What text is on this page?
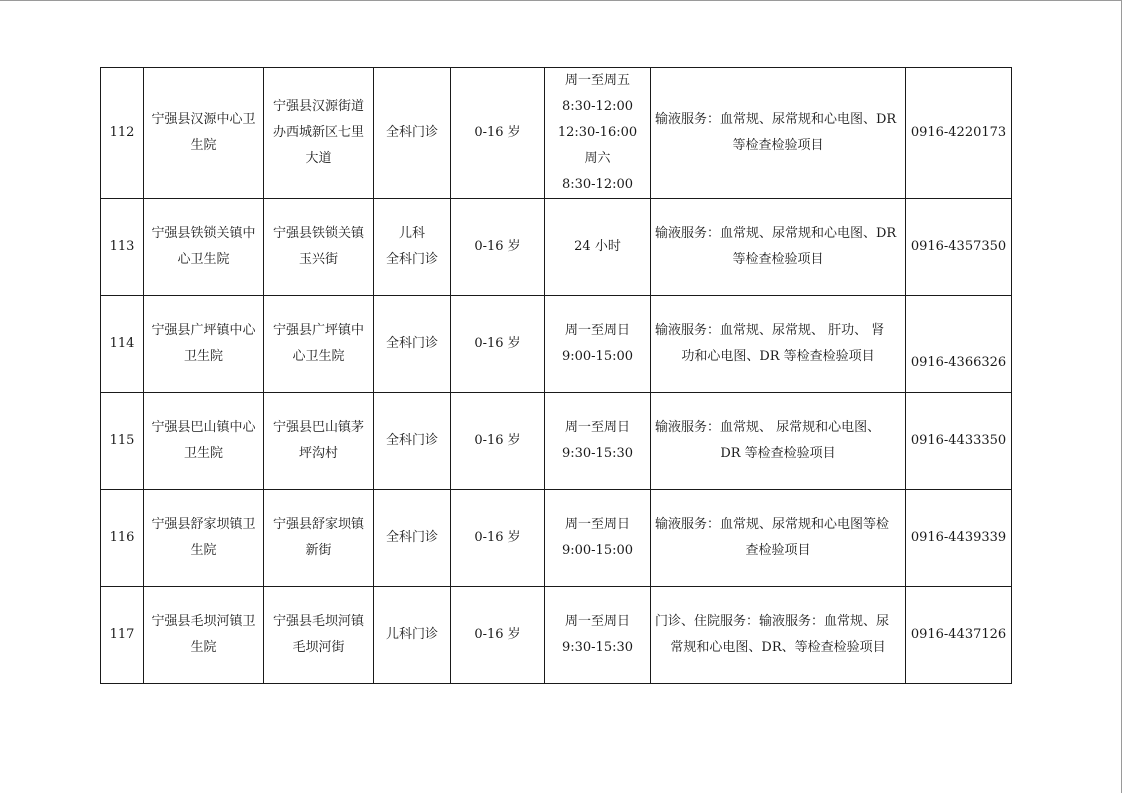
112	宁强县汉源中心卫
生院	宁强县汉源街道
办西城新区七里
大道	全科门诊	0-16 岁	周一至周五
8:30-12:00
12:30-16:00
周六
8:30-12:00	输液服务：血常规、尿常规和心电图、DR
等检查检验项目	0916-4220173
113	宁强县铁锁关镇中
心卫生院	宁强县铁锁关镇
玉兴街	儿科
全科门诊	0-16 岁	24 小时	输液服务：血常规、尿常规和心电图、DR
等检查检验项目	0916-4357350
114	宁强县广坪镇中心
卫生院	宁强县广坪镇中
心卫生院	全科门诊	0-16 岁	周一至周日
9:00-15:00	输液服务：血常规、尿常规、 肝功、 肾
功和心电图、DR 等检查检验项目	0916-4366326
115	宁强县巴山镇中心
卫生院	宁强县巴山镇茅
坪沟村	全科门诊	0-16 岁	周一至周日
9:30-15:30	输液服务：血常规、 尿常规和心电图、
DR 等检查检验项目	0916-4433350
116	宁强县舒家坝镇卫
生院	宁强县舒家坝镇
新街	全科门诊	0-16 岁	周一至周日
9:00-15:00	输液服务：血常规、尿常规和心电图等检
查检验项目	0916-4439339
117	宁强县毛坝河镇卫
生院	宁强县毛坝河镇
毛坝河街	儿科门诊	0-16 岁	周一至周日
9:30-15:30	门诊、住院服务：输液服务：血常规、尿
常规和心电图、DR、等检查检验项目	0916-4437126
